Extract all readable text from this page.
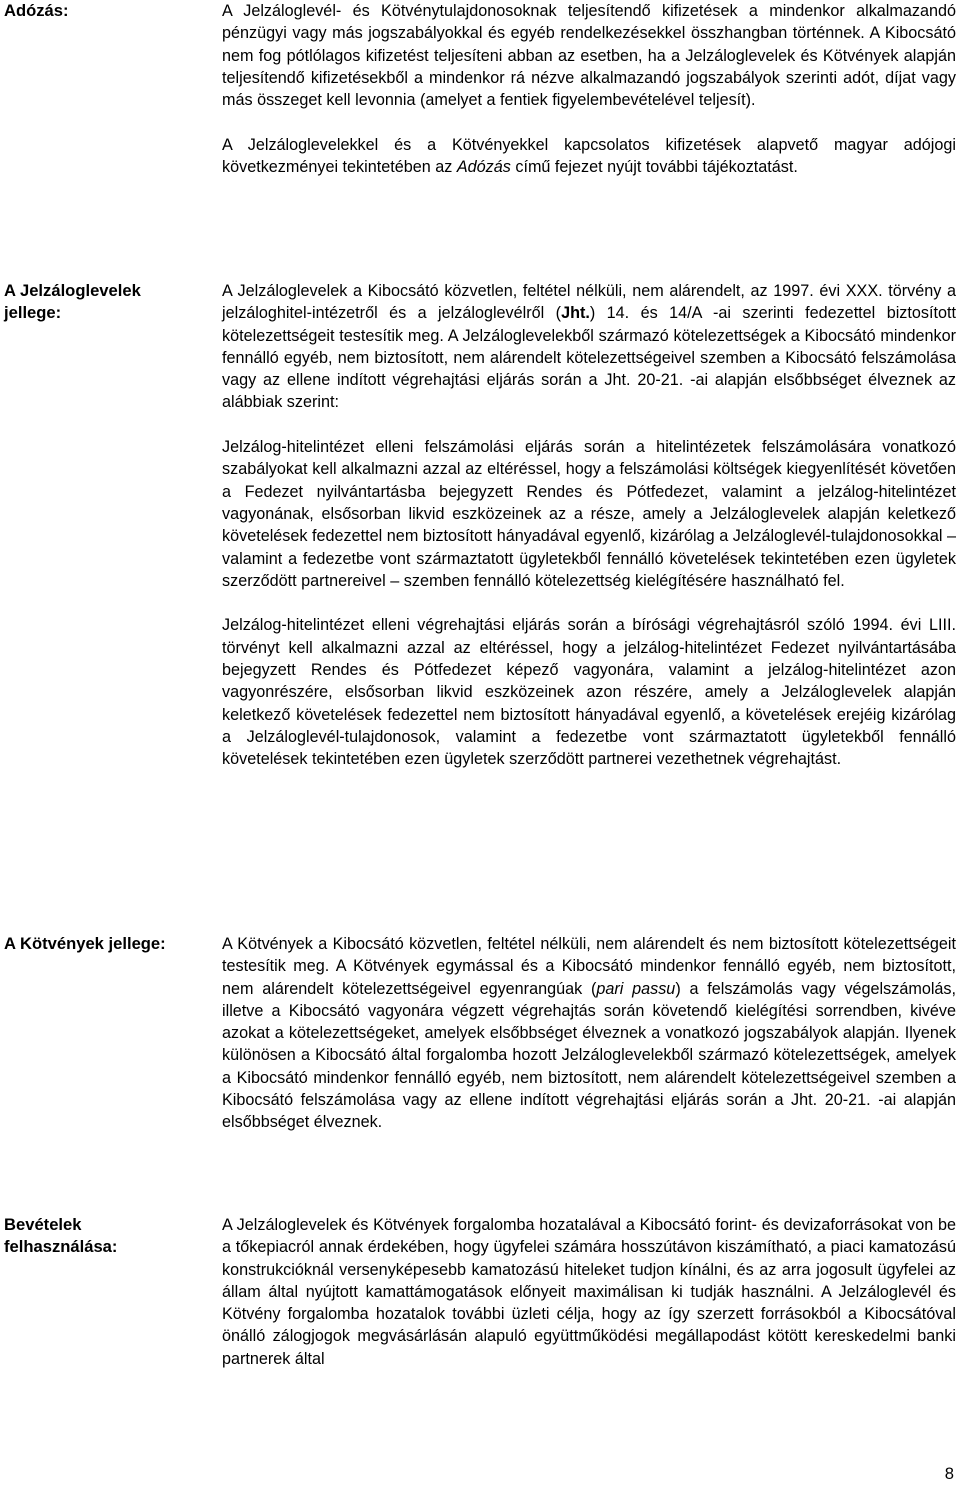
Adózás:	A Jelzáloglevél- és Kötvénytulajdonosoknak teljesítendő kifizetések a mindenkor alkalmazandó pénzügyi vagy más jogszabályokkal és egyéb rendelkezésekkel összhangban történnek. A Kibocsátó nem fog pótlólagos kifizetést teljesíteni abban az esetben, ha a Jelzáloglevelek és Kötvények alapján teljesítendő kifizetésekből a mindenkor rá nézve alkalmazandó jogszabályok szerinti adót, díjat vagy más összeget kell levonnia (amelyet a fentiek figyelembevételével teljesít).

A Jelzáloglevelekkel és a Kötvényekkel kapcsolatos kifizetések alapvető magyar adójogi következményei tekintetében az Adózás című fejezet nyújt további tájékoztatást.

A Jelzáloglevelek jellege:

A Jelzáloglevelek a Kibocsátó közvetlen, feltétel nélküli, nem alárendelt, az 1997. évi XXX. törvény a jelzáloghitel-intézetről és a jelzáloglevélről (Jht.) 14. és 14/A -ai szerinti fedezettel biztosított kötelezettségeit testesítik meg. A Jelzáloglevelekből származó kötelezettségek a Kibocsátó mindenkor fennálló egyéb, nem biztosított, nem alárendelt kötelezettségeivel szemben a Kibocsátó felszámolása vagy az ellene indított végrehajtási eljárás során a Jht. 20-21. -ai alapján elsőbbséget élveznek az alábbiak szerint:

Jelzálog-hitelintézet elleni felszámolási eljárás során a hitelintézetek felszámolására vonatkozó szabályokat kell alkalmazni azzal az eltéréssel, hogy a felszámolási költségek kiegyenlítését követően a Fedezet nyilvántartásba bejegyzett Rendes és Pótfedezet, valamint a jelzálog-hitelintézet vagyonának, elsősorban likvid eszközeinek az a része, amely a Jelzáloglevelek alapján keletkező követelések fedezettel nem biztosított hányadával egyenlő, kizárólag a Jelzáloglevél-tulajdonosokkal – valamint a fedezetbe vont származtatott ügyletekből fennálló követelések tekintetében ezen ügyletek szerződött partnereivel – szemben fennálló kötelezettség kielégítésére használható fel.

Jelzálog-hitelintézet elleni végrehajtási eljárás során a bírósági végrehajtásról szóló 1994. évi LIII. törvényt kell alkalmazni azzal az eltéréssel, hogy a jelzálog-hitelintézet Fedezet nyilvántartásába bejegyzett Rendes és Pótfedezet képező vagyonára, valamint a jelzálog-hitelintézet azon vagyonrészére, elsősorban likvid eszközeinek azon részére, amely a Jelzáloglevelek alapján keletkező követelések fedezettel nem biztosított hányadával egyenlő, a követelések erejéig kizárólag a Jelzáloglevél-tulajdonosok, valamint a fedezetbe vont származtatott ügyletekből fennálló követelések tekintetében ezen ügyletek szerződött partnerei vezethetnek végrehajtást.

A Kötvények jellege:	A Kötvények a Kibocsátó közvetlen, feltétel nélküli, nem alárendelt és nem biztosított kötelezettségeit testesítik meg. A Kötvények egymással és a Kibocsátó mindenkor fennálló egyéb, nem biztosított, nem alárendelt kötelezettségeivel egyenrangúak (pari passu) a felszámolás vagy végelszámolás, illetve a Kibocsátó vagyonára végzett végrehajtás során követendő kielégítési sorrendben, kivéve azokat a kötelezettségeket, amelyek elsőbbséget élveznek a vonatkozó jogszabályok alapján. Ilyenek különösen a Kibocsátó által forgalomba hozott Jelzáloglevelekből származó kötelezettségek, amelyek a Kibocsátó mindenkor fennálló egyéb, nem biztosított, nem alárendelt kötelezettségeivel szemben a Kibocsátó felszámolása vagy az ellene indított végrehajtási eljárás során a Jht. 20-21. -ai alapján elsőbbséget élveznek.

Bevételek felhasználása:

A Jelzáloglevelek és Kötvények forgalomba hozatalával a Kibocsátó forint- és devizaforrásokat von be a tőkepiacról annak érdekében, hogy ügyfelei számára hosszútávon kiszámítható, a piaci kamatozású konstrukcióknál versenyképesebb kamatozású hiteleket tudjon kínálni, és az arra jogosult ügyfelei az állam által nyújtott kamattámogatások előnyeit maximálisan ki tudják használni. A Jelzáloglevél és Kötvény forgalomba hozatalok további üzleti célja, hogy az így szerzett forrásokból a Kibocsátóval önálló zálogjogok megvásárlásán alapuló együttműködési megállapodást kötött kereskedelmi banki partnerek által

8
